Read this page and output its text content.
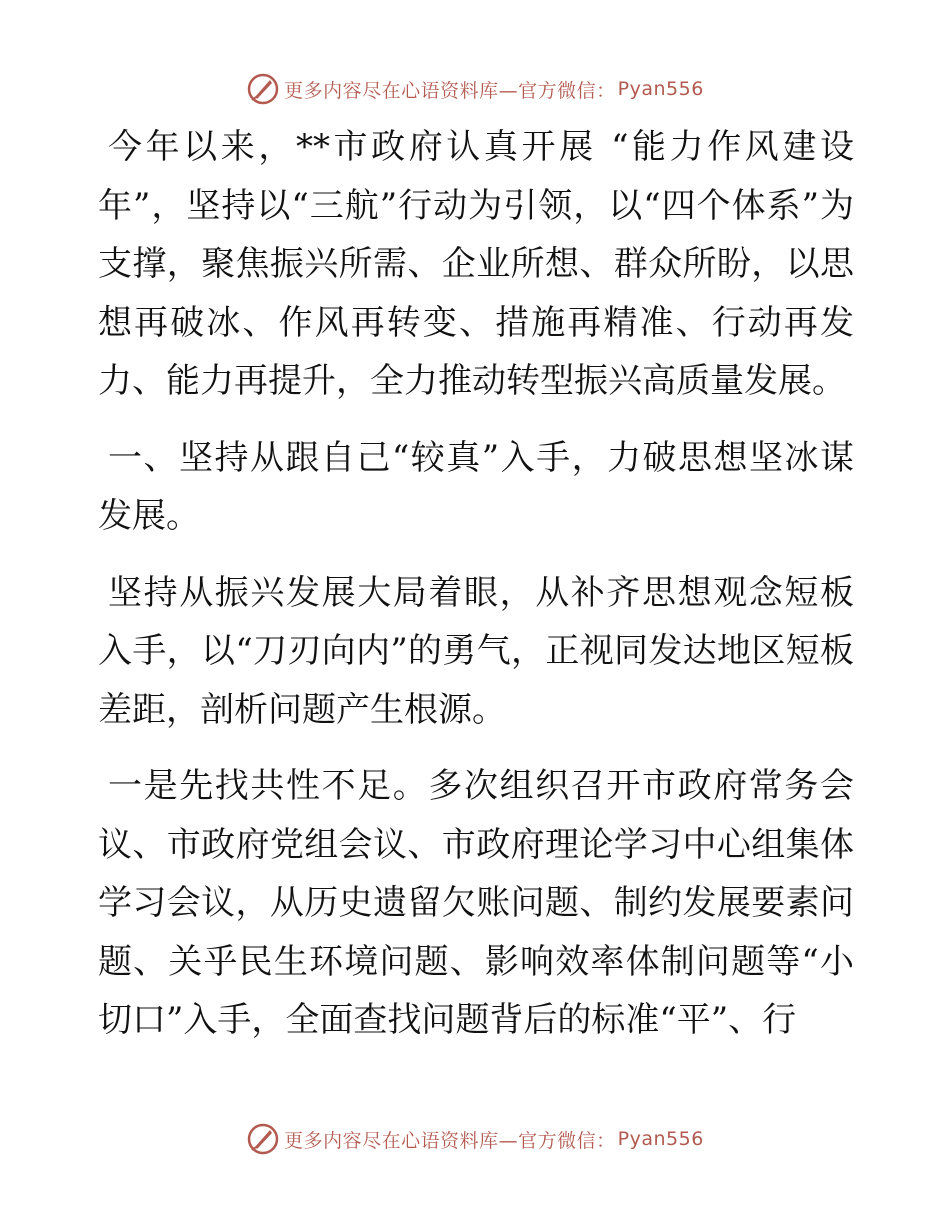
更多内容尽在心语资料库—官方微信： Pyan556

今年以来，**市政府认真开展 “能力作风建设年”，坚持以“三航”行动为引领，以“四个体系”为支撑，聚焦振兴所需、企业所想、群众所盼，以思想再破冰、作风再转变、措施再精准、行动再发力、能力再提升，全力推动转型振兴高质量发展。

一、坚持从跟自己“较真”入手，力破思想坚冰谋发展。

坚持从振兴发展大局着眼，从补齐思想观念短板入手，以“刀刃向内”的勇气，正视同发达地区短板差距，剖析问题产生根源。

一是先找共性不足。多次组织召开市政府常务会议、市政府党组会议、市政府理论学习中心组集体学习会议，从历史遗留欠账问题、制约发展要素问题、关乎民生环境问题、影响效率体制问题等“小切口”入手，全面查找问题背后的标准“平”、行

更多内容尽在心语资料库—官方微信： Pyan556
